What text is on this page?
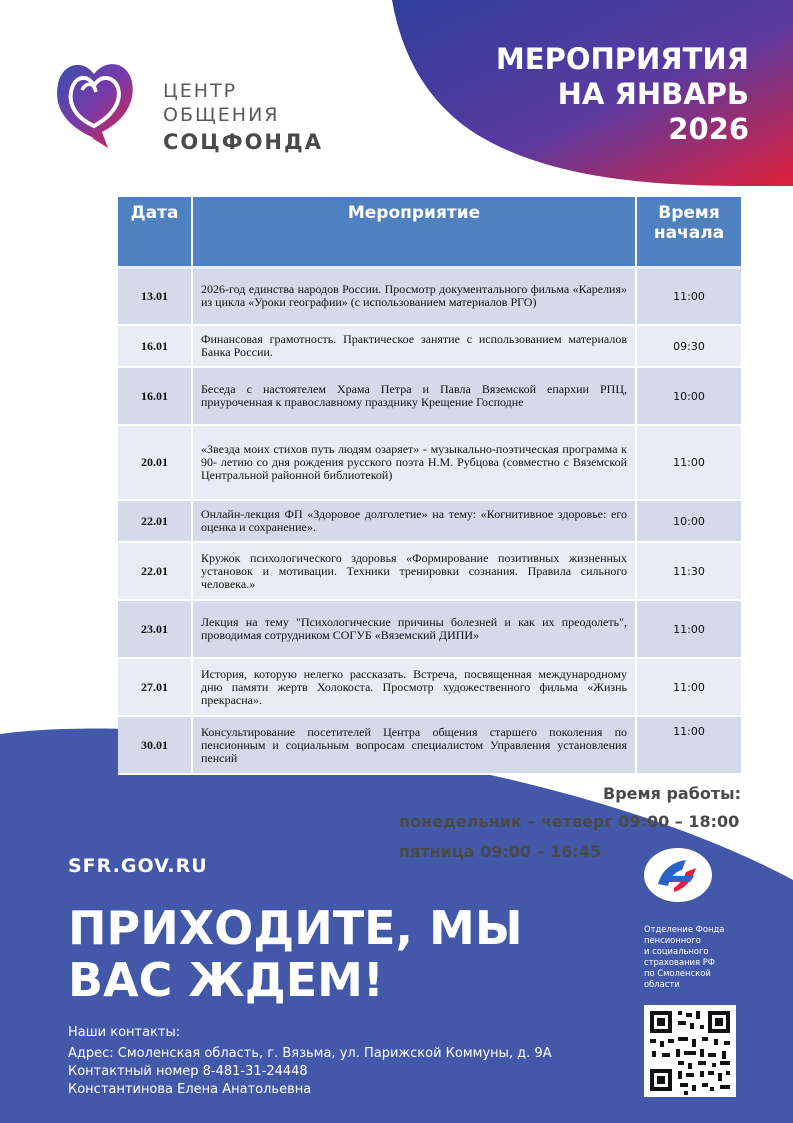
ЦЕНТР
ОБЩЕНИЯ
СОЦФОНДА
МЕРОПРИЯТИЯ
НА ЯНВАРЬ
2026
Дата	Мероприятие	Время начала
13.01	2026-год единства народов России. Просмотр документального фильма «Карелия» из цикла «Уроки географии» (с использованием материалов РГО)	11:00
16.01	Финансовая грамотность. Практическое занятие с использованием материалов Банка России.	09:30
16.01	Беседа с настоятелем Храма Петра и Павла Вяземской епархии РПЦ, приуроченная к православному празднику Крещение Господне	10:00
20.01	«Звезда моих стихов путь людям озаряет» - музыкально-поэтическая программа к 90- летию со дня рождения русского поэта Н.М. Рубцова (совместно с Вяземской Центральной районной библиотекой)	11:00
22.01	Онлайн-лекция ФП «Здоровое долголетие» на тему: «Когнитивное здоровье: его оценка и сохранение».	10:00
22.01	Кружок психологического здоровья «Формирование позитивных жизненных установок и мотивации. Техники тренировки сознания. Правила сильного человека.»	11:30
23.01	Лекция на тему "Психологические причины болезней и как их преодолеть", проводимая сотрудником СОГУБ «Вяземский ДИПИ»	11:00
27.01	История, которую нелегко рассказать. Встреча, посвященная международному дню памяти жертв Холокоста. Просмотр художественного фильма «Жизнь прекрасна».	11:00
30.01	Консультирование посетителей Центра общения старшего поколения по пенсионным и социальным вопросам специалистом Управления установления пенсий	11:00
Время работы:
понедельник – четверг 09:00 – 18:00
пятница 09:00 – 16:45
SFR.GOV.RU
ПРИХОДИТЕ, МЫ
ВАС ЖДЕМ!
Наши контакты:
Адрес: Смоленская область, г. Вязьма, ул. Парижской Коммуны, д. 9А
Контактный номер 8-481-31-24448
Константинова Елена Анатольевна
Отделение Фонда
пенсионного
и социального
страхования РФ
по Смоленской
области
